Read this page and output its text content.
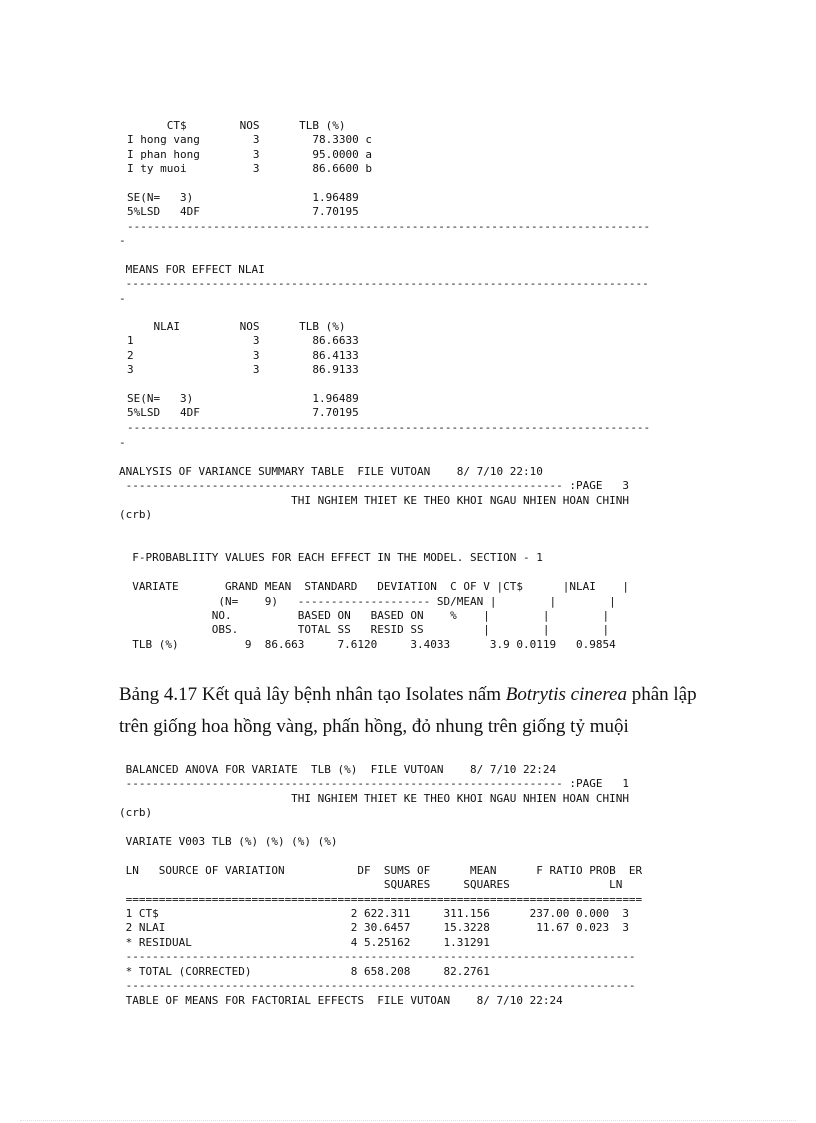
CT$        NOS      TLB (%)
I hong vang        3        78.3300 c
I phan hong        3        95.0000 a
I ty muoi          3        86.6600 b

SE(N=   3)                  1.96489
5%LSD   4DF                 7.70195
-------------------------------------------------------------------------------
-
MEANS FOR EFFECT NLAI
-------------------------------------------------------------------------------
-
NLAI         NOS      TLB (%)
1                  3        86.6633
2                  3        86.4133
3                  3        86.9133

SE(N=   3)                  1.96489
5%LSD   4DF                 7.70195
-------------------------------------------------------------------------------
-
ANALYSIS OF VARIANCE SUMMARY TABLE  FILE VUTOAN    8/ 7/10 22:10
------------------------------------------------------------------ :PAGE   3
THI NGHIEM THIET KE THEO KHOI NGAU NHIEN HOAN CHINH
(crb)

F-PROBABLIITY VALUES FOR EACH EFFECT IN THE MODEL. SECTION - 1

VARIATE       GRAND MEAN  STANDARD   DEVIATION  C OF V |CT$      |NLAI    |
(N=    9)   -------------------- SD/MEAN |        |        |
NO.          BASED ON   BASED ON    %    |        |        |
OBS.         TOTAL SS   RESID SS         |        |        |
TLB (%)          9  86.663     7.6120     3.4033      3.9 0.0119   0.9854

Bảng 4.17 Kết quả lây bệnh nhân tạo Isolates nấm Botrytis cinerea phân lập

trên giống hoa hồng vàng, phấn hồng, đỏ nhung trên giống tỷ muội

BALANCED ANOVA FOR VARIATE  TLB (%)  FILE VUTOAN    8/ 7/10 22:24
------------------------------------------------------------------ :PAGE   1
THI NGHIEM THIET KE THEO KHOI NGAU NHIEN HOAN CHINH
(crb)

VARIATE V003 TLB (%) (%) (%) (%)

LN   SOURCE OF VARIATION           DF  SUMS OF      MEAN      F RATIO PROB  ER
SQUARES     SQUARES               LN
==============================================================================
1 CT$                             2 622.311     311.156      237.00 0.000  3
2 NLAI                            2 30.6457     15.3228       11.67 0.023  3
* RESIDUAL                        4 5.25162     1.31291
-----------------------------------------------------------------------------
* TOTAL (CORRECTED)               8 658.208     82.2761
-----------------------------------------------------------------------------
TABLE OF MEANS FOR FACTORIAL EFFECTS  FILE VUTOAN    8/ 7/10 22:24
